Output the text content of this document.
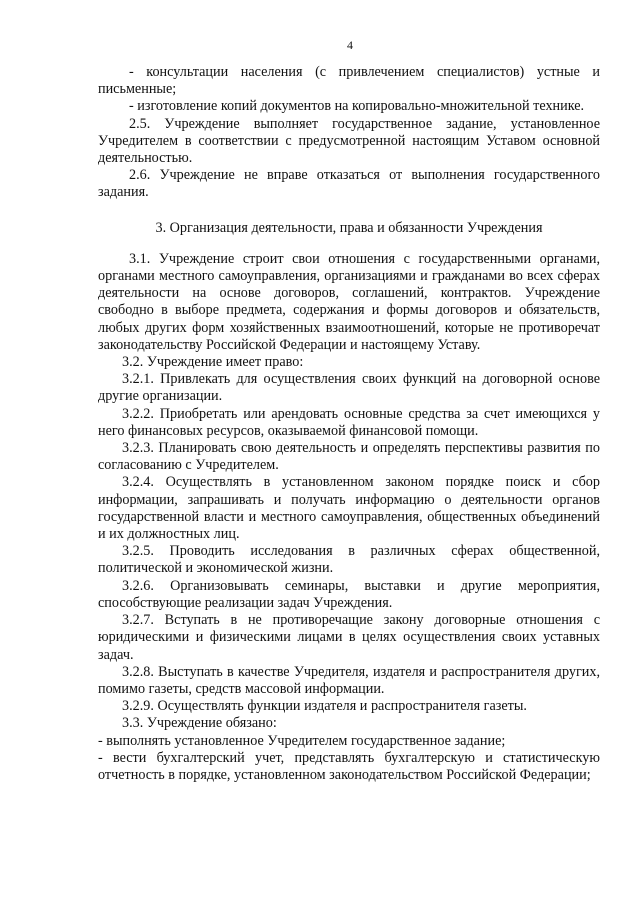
4

- консультации населения (с привлечением специалистов) устные и письменные;

- изготовление копий документов на копировально-множительной технике.

2.5. Учреждение выполняет государственное задание, установленное Учредителем в соответствии с предусмотренной настоящим Уставом основной деятельностью.

2.6. Учреждение не вправе отказаться от выполнения государственного задания.

3. Организация деятельности, права и обязанности Учреждения

3.1. Учреждение строит свои отношения с государственными органами, органами местного самоуправления, организациями и гражданами во всех сферах деятельности на основе договоров, соглашений, контрактов. Учреждение свободно в выборе предмета, содержания и формы договоров и обязательств, любых других форм хозяйственных взаимоотношений, которые не противоречат законодательству Российской Федерации и настоящему Уставу.

3.2. Учреждение имеет право:

3.2.1. Привлекать для осуществления своих функций на договорной основе другие организации.

3.2.2. Приобретать или арендовать основные средства за счет имеющихся у него финансовых ресурсов, оказываемой финансовой помощи.

3.2.3. Планировать свою деятельность и определять перспективы развития по согласованию с Учредителем.

3.2.4. Осуществлять в установленном законом порядке поиск и сбор информации, запрашивать и получать информацию о деятельности органов государственной власти и местного самоуправления, общественных объединений и их должностных лиц.

3.2.5. Проводить исследования в различных сферах общественной, политической и экономической жизни.

3.2.6. Организовывать семинары, выставки и другие мероприятия, способствующие реализации задач Учреждения.

3.2.7. Вступать в не противоречащие закону договорные отношения с юридическими и физическими лицами в целях осуществления своих уставных задач.

3.2.8. Выступать в качестве Учредителя, издателя и распространителя других, помимо газеты, средств массовой информации.

3.2.9. Осуществлять функции издателя и распространителя газеты.

3.3. Учреждение обязано:

- выполнять установленное Учредителем государственное задание;

- вести бухгалтерский учет, представлять бухгалтерскую и статистическую отчетность в порядке, установленном законодательством Российской Федерации;
